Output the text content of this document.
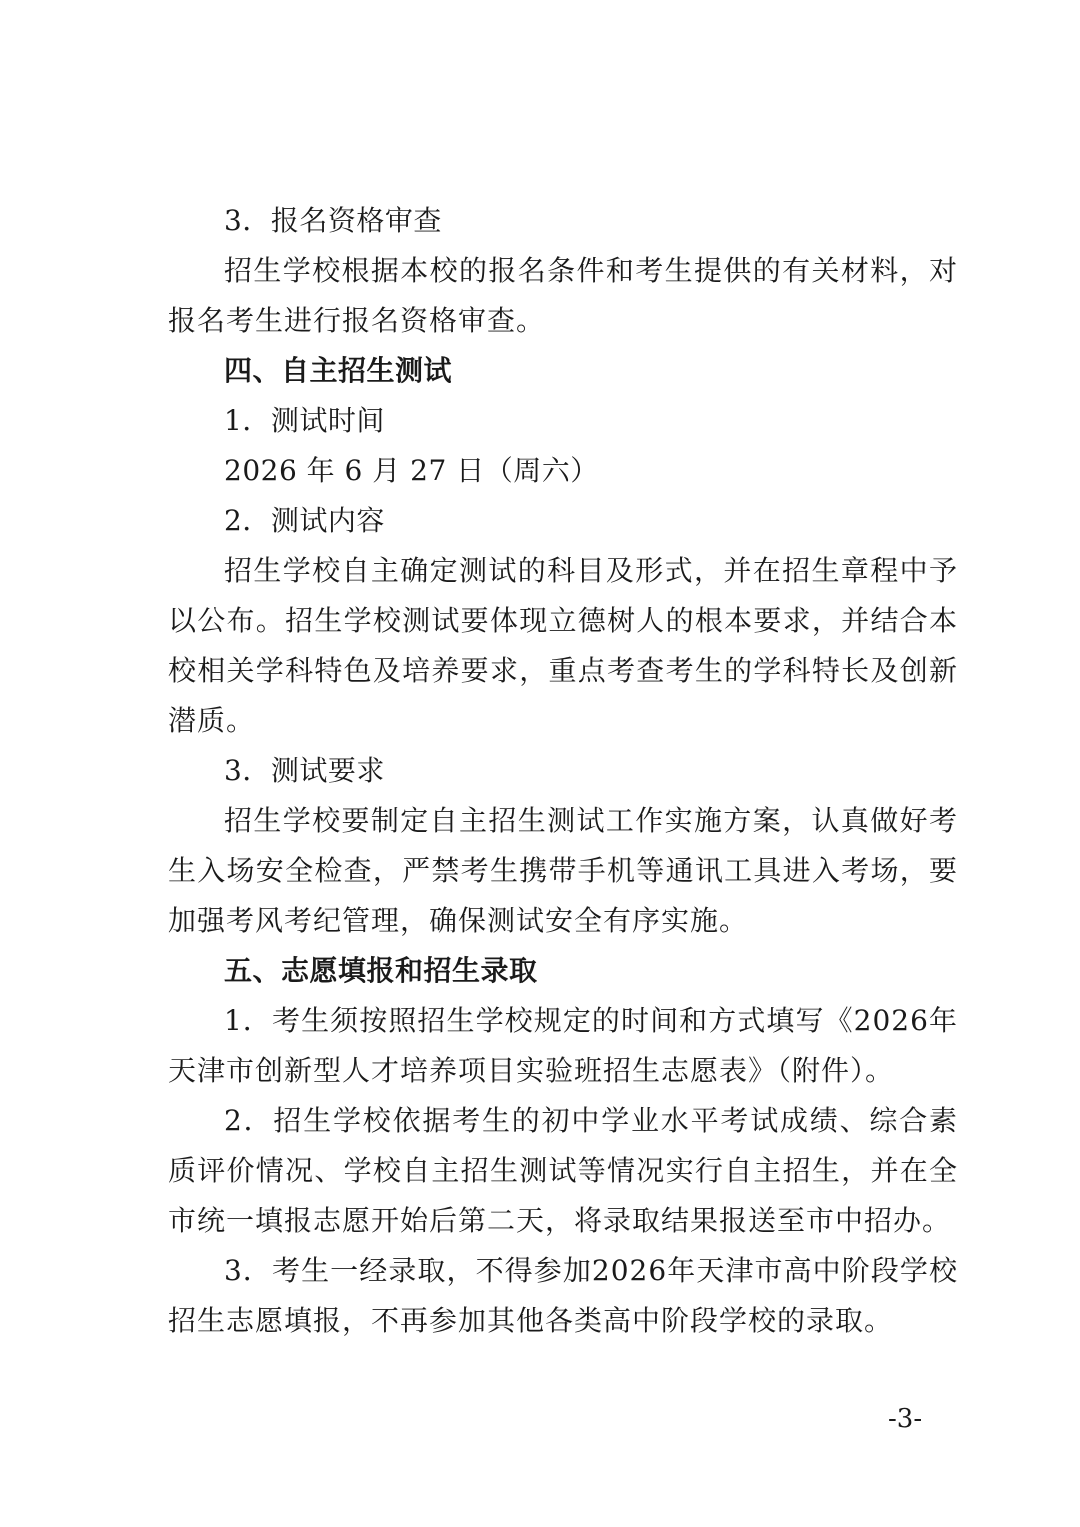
3．报名资格审查
招生学校根据本校的报名条件和考生提供的有关材料，对报名考生进行报名资格审查。
四、自主招生测试
1．测试时间
2026 年 6 月 27 日（周六）
2．测试内容
招生学校自主确定测试的科目及形式，并在招生章程中予以公布。招生学校测试要体现立德树人的根本要求，并结合本校相关学科特色及培养要求，重点考查考生的学科特长及创新潜质。
3．测试要求
招生学校要制定自主招生测试工作实施方案，认真做好考生入场安全检查，严禁考生携带手机等通讯工具进入考场，要加强考风考纪管理，确保测试安全有序实施。
五、志愿填报和招生录取
1．考生须按照招生学校规定的时间和方式填写《2026年天津市创新型人才培养项目实验班招生志愿表》（附件）。
2．招生学校依据考生的初中学业水平考试成绩、综合素质评价情况、学校自主招生测试等情况实行自主招生，并在全市统一填报志愿开始后第二天，将录取结果报送至市中招办。
3．考生一经录取，不得参加2026年天津市高中阶段学校招生志愿填报，不再参加其他各类高中阶段学校的录取。
-3-
